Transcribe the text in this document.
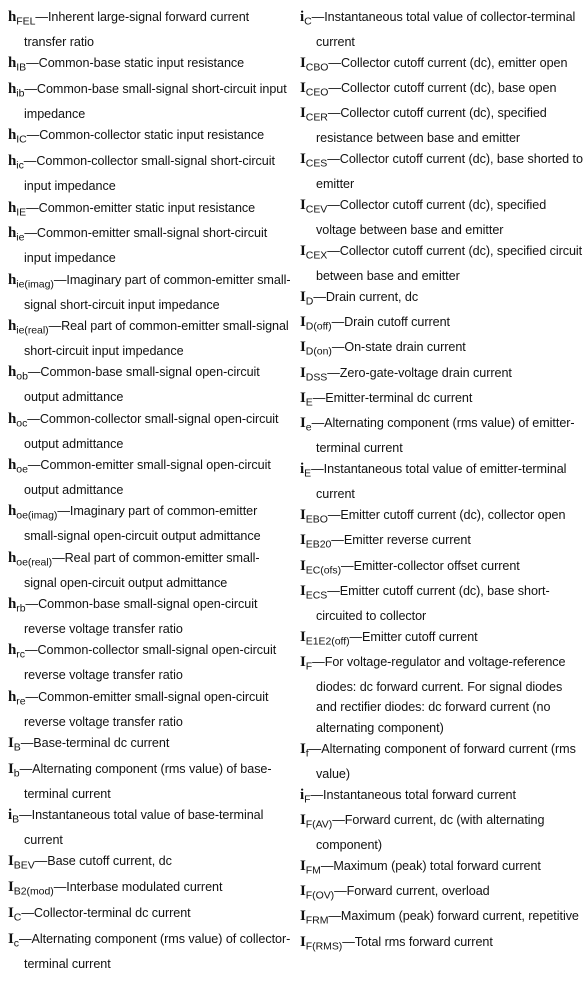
$h_{FEL}—Inherent$ large-signal forward current transfer ratio

$h_{IB}—Common$-base static input resistance

$h_{ib}—Common$-base small-signal short-circuit input impedance

$h_{IC}—Common$-collector static input resistance

$h_{ic}—Common$-collector small-signal short-circuit input impedance

$h_{IE}—Common$-emitter static input resistance

$h_{ie}—Common$-emitter small-signal short-circuit input impedance

$h_{ie(imag)}—Imaginary$ part of common-emitter small-signal short-circuit input impedance

$h_{ie(real)}—Real$ part of common-emitter small-signal short-circuit input impedance

$h_{ob}—Common$-base small-signal open-circuit output admittance

$h_{oc}—Common$-collector small-signal open-circuit output admittance

$h_{oe}—Common$-emitter small-signal open-circuit output admittance

$h_{oe(imag)}—Imaginary$ part of common-emitter small-signal open-circuit output admittance

$h_{oe(real)}—Real$ part of common-emitter small-signal open-circuit output admittance

$h_{rb}—Common$-base small-signal open-circuit reverse voltage transfer ratio

$h_{rc}—Common$-collector small-signal open-circuit reverse voltage transfer ratio

$h_{re}—Common$-emitter small-signal open-circuit reverse voltage transfer ratio

$I_B—Base$-terminal dc current

$I_b—Alternating$ component (rms value) of base-terminal current

$i_B—Instantaneous$ total value of base-terminal current

$I_{BEV}—Base$ cutoff current, dc

$I_{B2(mod)}—Interbase$ modulated current

$I_C—Collector$-terminal dc current

$I_c—Alternating$ component (rms value) of collector-terminal current

$i_C—Instantaneous$ total value of collector-terminal current

$I_{CBO}—Collector$ cutoff current (dc), emitter open

$I_{CEO}—Collector$ cutoff current (dc), base open

$I_{CER}—Collector$ cutoff current (dc), specified resistance between base and emitter

$I_{CES}—Collector$ cutoff current (dc), base shorted to emitter

$I_{CEV}—Collector$ cutoff current (dc), specified voltage between base and emitter

$I_{CEX}—Collector$ cutoff current (dc), specified circuit between base and emitter

$I_D—Drain$ current, dc

$I_{D(off)}—Drain$ cutoff current

$I_{D(on)}—On$-state drain current

$I_{DSS}—Zero-gate$-voltage drain current

$I_E—Emitter$-terminal dc current

$I_e—Alternating$ component (rms value) of emitter-terminal current

$i_E—Instantaneous$ total value of emitter-terminal current

$I_{EBO}—Emitter$ cutoff current (dc), collector open

$I_{EB20}—Emitter$ reverse current

$I_{EC(ofs)}—Emitter$-collector offset current

$I_{ECS}—Emitter$ cutoff current (dc), base short-circuited to collector

$I_{E1E2(off)}—Emitter$ cutoff current

$I_F—For$ voltage-regulator and voltage-reference diodes: dc forward current. For signal diodes and rectifier diodes: dc forward current (no alternating component)

$I_f—Alternating$ component of forward current (rms value)

$i_F—Instantaneous$ total forward current

$I_{F(AV)}—Forward$ current, dc (with alternating component)

$I_{FM}—Maximum$ (peak) total forward current

$I_{F(OV)}—Forward$ current, overload

$I_{FRM}—Maximum$ (peak) forward current, repetitive

$I_{F(RMS)}—Total$ rms forward current
